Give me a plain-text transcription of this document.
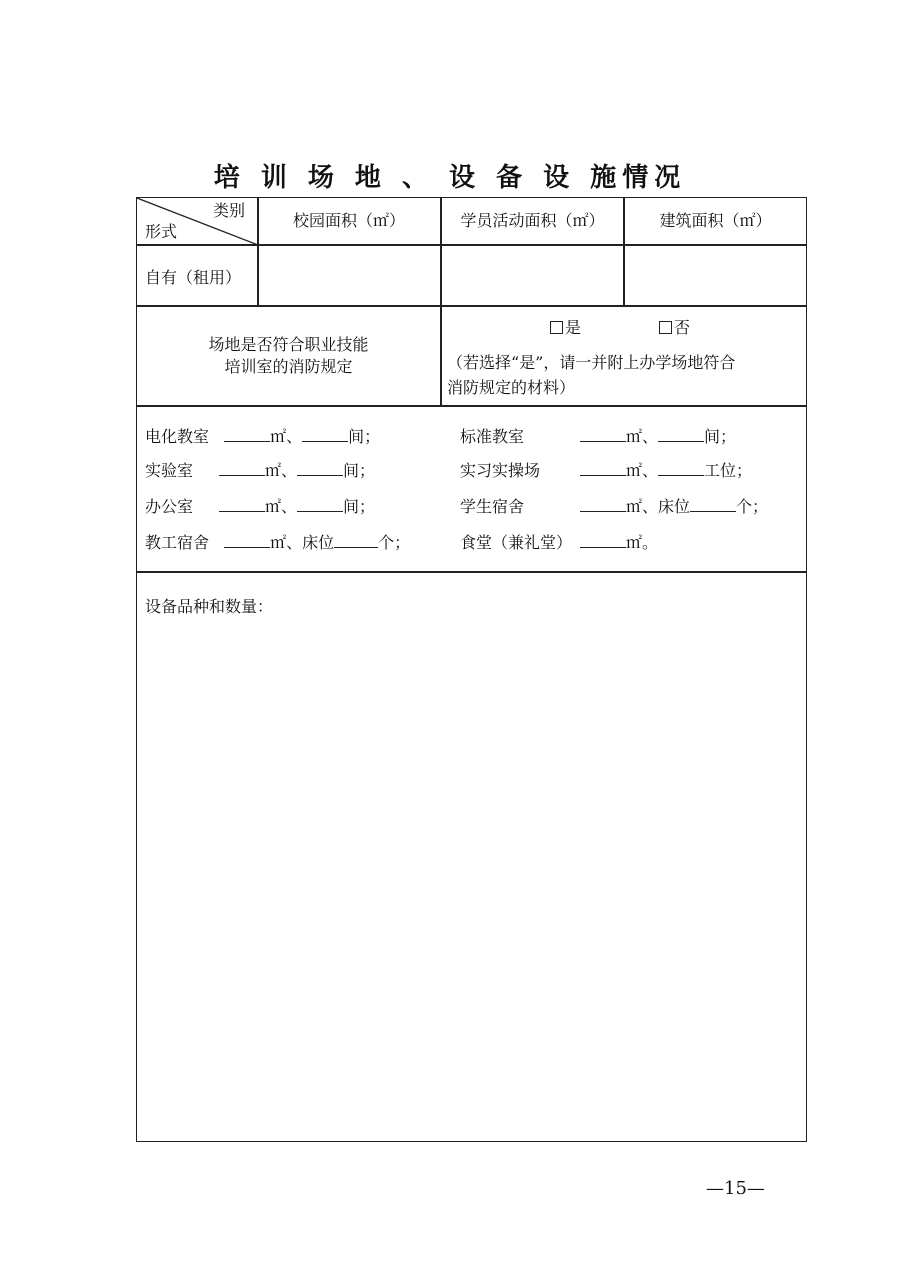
培 训 场 地 、 设 备 设 施情况
类别
形式
校园面积（㎡）	学员活动面积（㎡）	建筑面积（㎡）
自有（租用）
场地是否符合职业技能
培训室的消防规定
是	否
（若选择“是”，请一并附上办学场地符合
消防规定的材料）
电化教室	㎡、	间；	标准教室	㎡、	间；
实验室	㎡、	间；	实习实操场	㎡、	工位；
办公室	㎡、	间；	学生宿舍	㎡、床位	个；
教工宿舍	㎡、床位	个；	食堂（兼礼堂）	㎡。
设备品种和数量：
—15—
